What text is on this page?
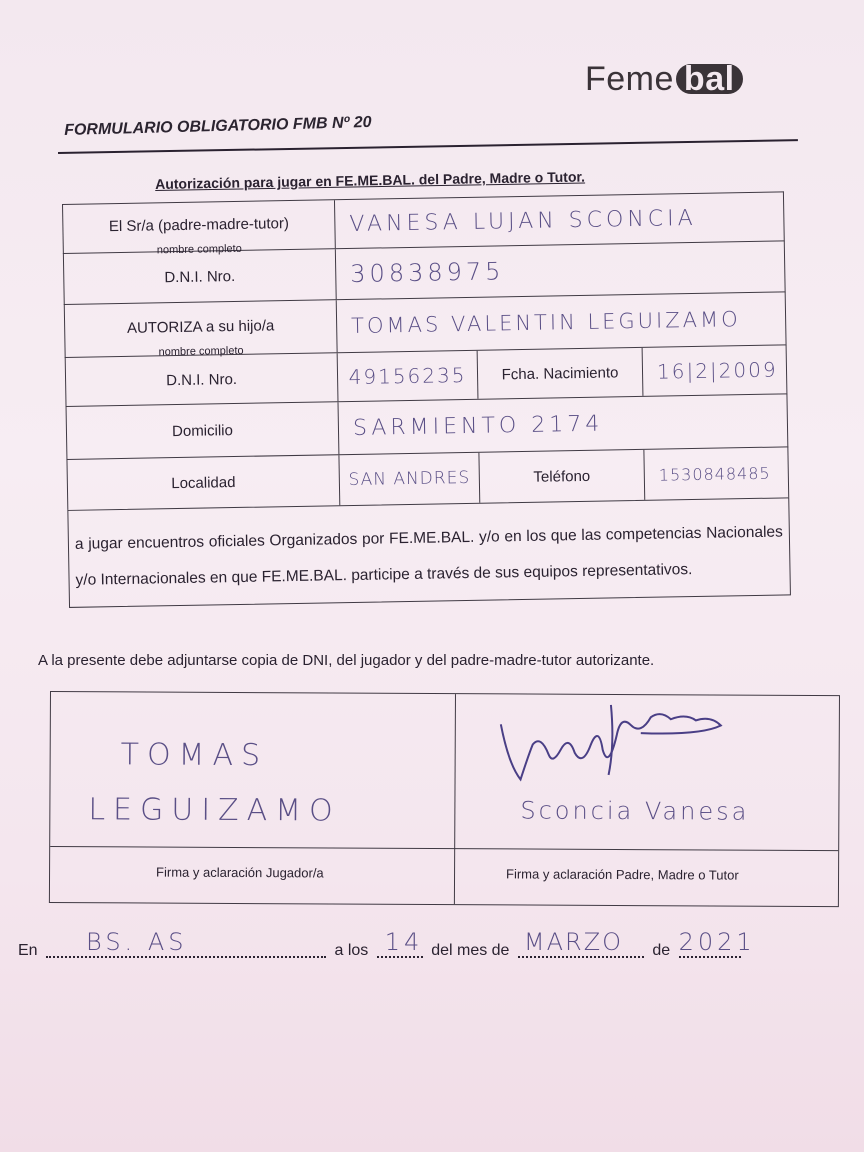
Feme bal
FORMULARIO OBLIGATORIO FMB Nº 20
Autorización para jugar en FE.ME.BAL. del Padre, Madre o Tutor.
El Sr/a (padre-madre-tutor)
nombre completo
VANESA LUJAN SCONCIA
D.N.I. Nro.	30838975
AUTORIZA a su hijo/a
nombre completo
TOMAS VALENTIN LEGUIZAMO
D.N.I. Nro.	49156235 Fcha. Nacimiento 16|2|2009
Domicilio	SARMIENTO 2174
Localidad	SAN ANDRES	Teléfono	1530848485
a jugar encuentros oficiales Organizados por FE.ME.BAL. y/o en los que las competencias Nacionales y/o Internacionales en que FE.ME.BAL. participe a través de sus equipos representativos.
A la presente debe adjuntarse copia de DNI, del jugador y del padre-madre-tutor autorizante.
TOMAS
LEGUIZAMO	Sconcia Vanesa
Firma y aclaración Jugador/a	Firma y aclaración Padre, Madre o Tutor
En BS. AS	a los 14 del mes de MARZO de 2021
